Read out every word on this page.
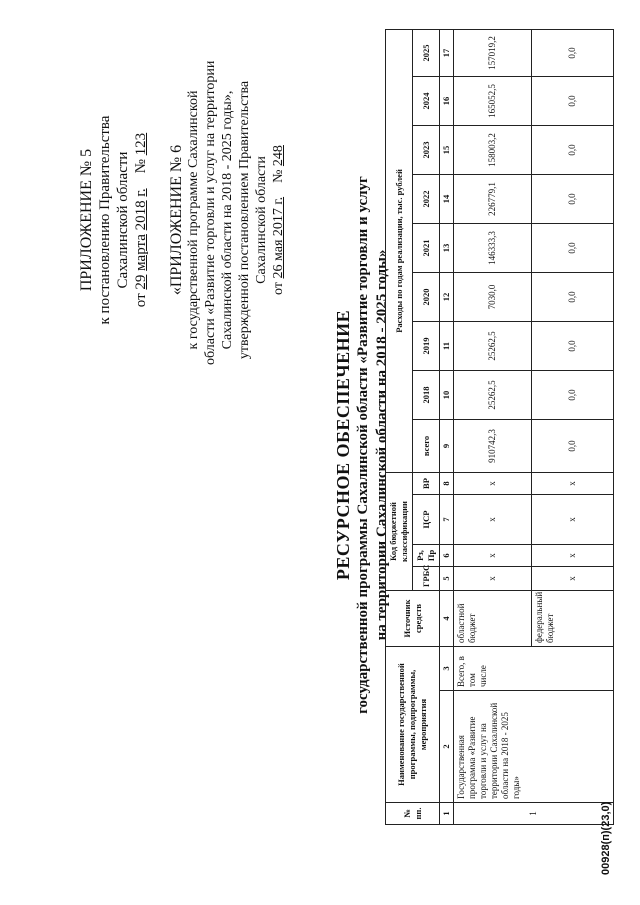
ПРИЛОЖЕНИЕ № 5 к постановлению Правительства Сахалинской области
от 29 марта 2018 г.    № 123
«ПРИЛОЖЕНИЕ № 6 к государственной программе Сахалинской области «Развитие торговли и услуг на территории Сахалинской области на 2018 - 2025 годы», утвержденной постановлением Правительства Сахалинской области
от 26 мая 2017 г.    № 248
РЕСУРСНОЕ ОБЕСПЕЧЕНИЕ государственной программы Сахалинской области «Развитие торговли и услуг на территории Сахалинской области на 2018 - 2025 годы»
№ пп.	Наименование государственной программы, подпрограммы, мероприятия		Источник средств	Код бюджетной классификации				Расходы по годам реализации, тыс. рублей								
				ГРБС	Рз, Пр	ЦСР	ВР	всего	2018	2019	2020	2021	2022	2023	2024	2025
1	2	3	4	5	6	7	8	9	10	11	12	13	14	15	16	17
1	Государственная программа «Развитие торговли и услуг на территории Сахалинской области на 2018 - 2025 годы»	Всего, в том числе	областной бюджет	х	х	х	х	910742,3	25262,5	25262,5	7030,0	146333,3	226779,1	158003,2	165052,5	157019,2
			федеральный бюджет	х	х	х	х	0,0	0,0	0,0	0,0	0,0	0,0	0,0	0,0	0,0
00928(п)(23,0)
